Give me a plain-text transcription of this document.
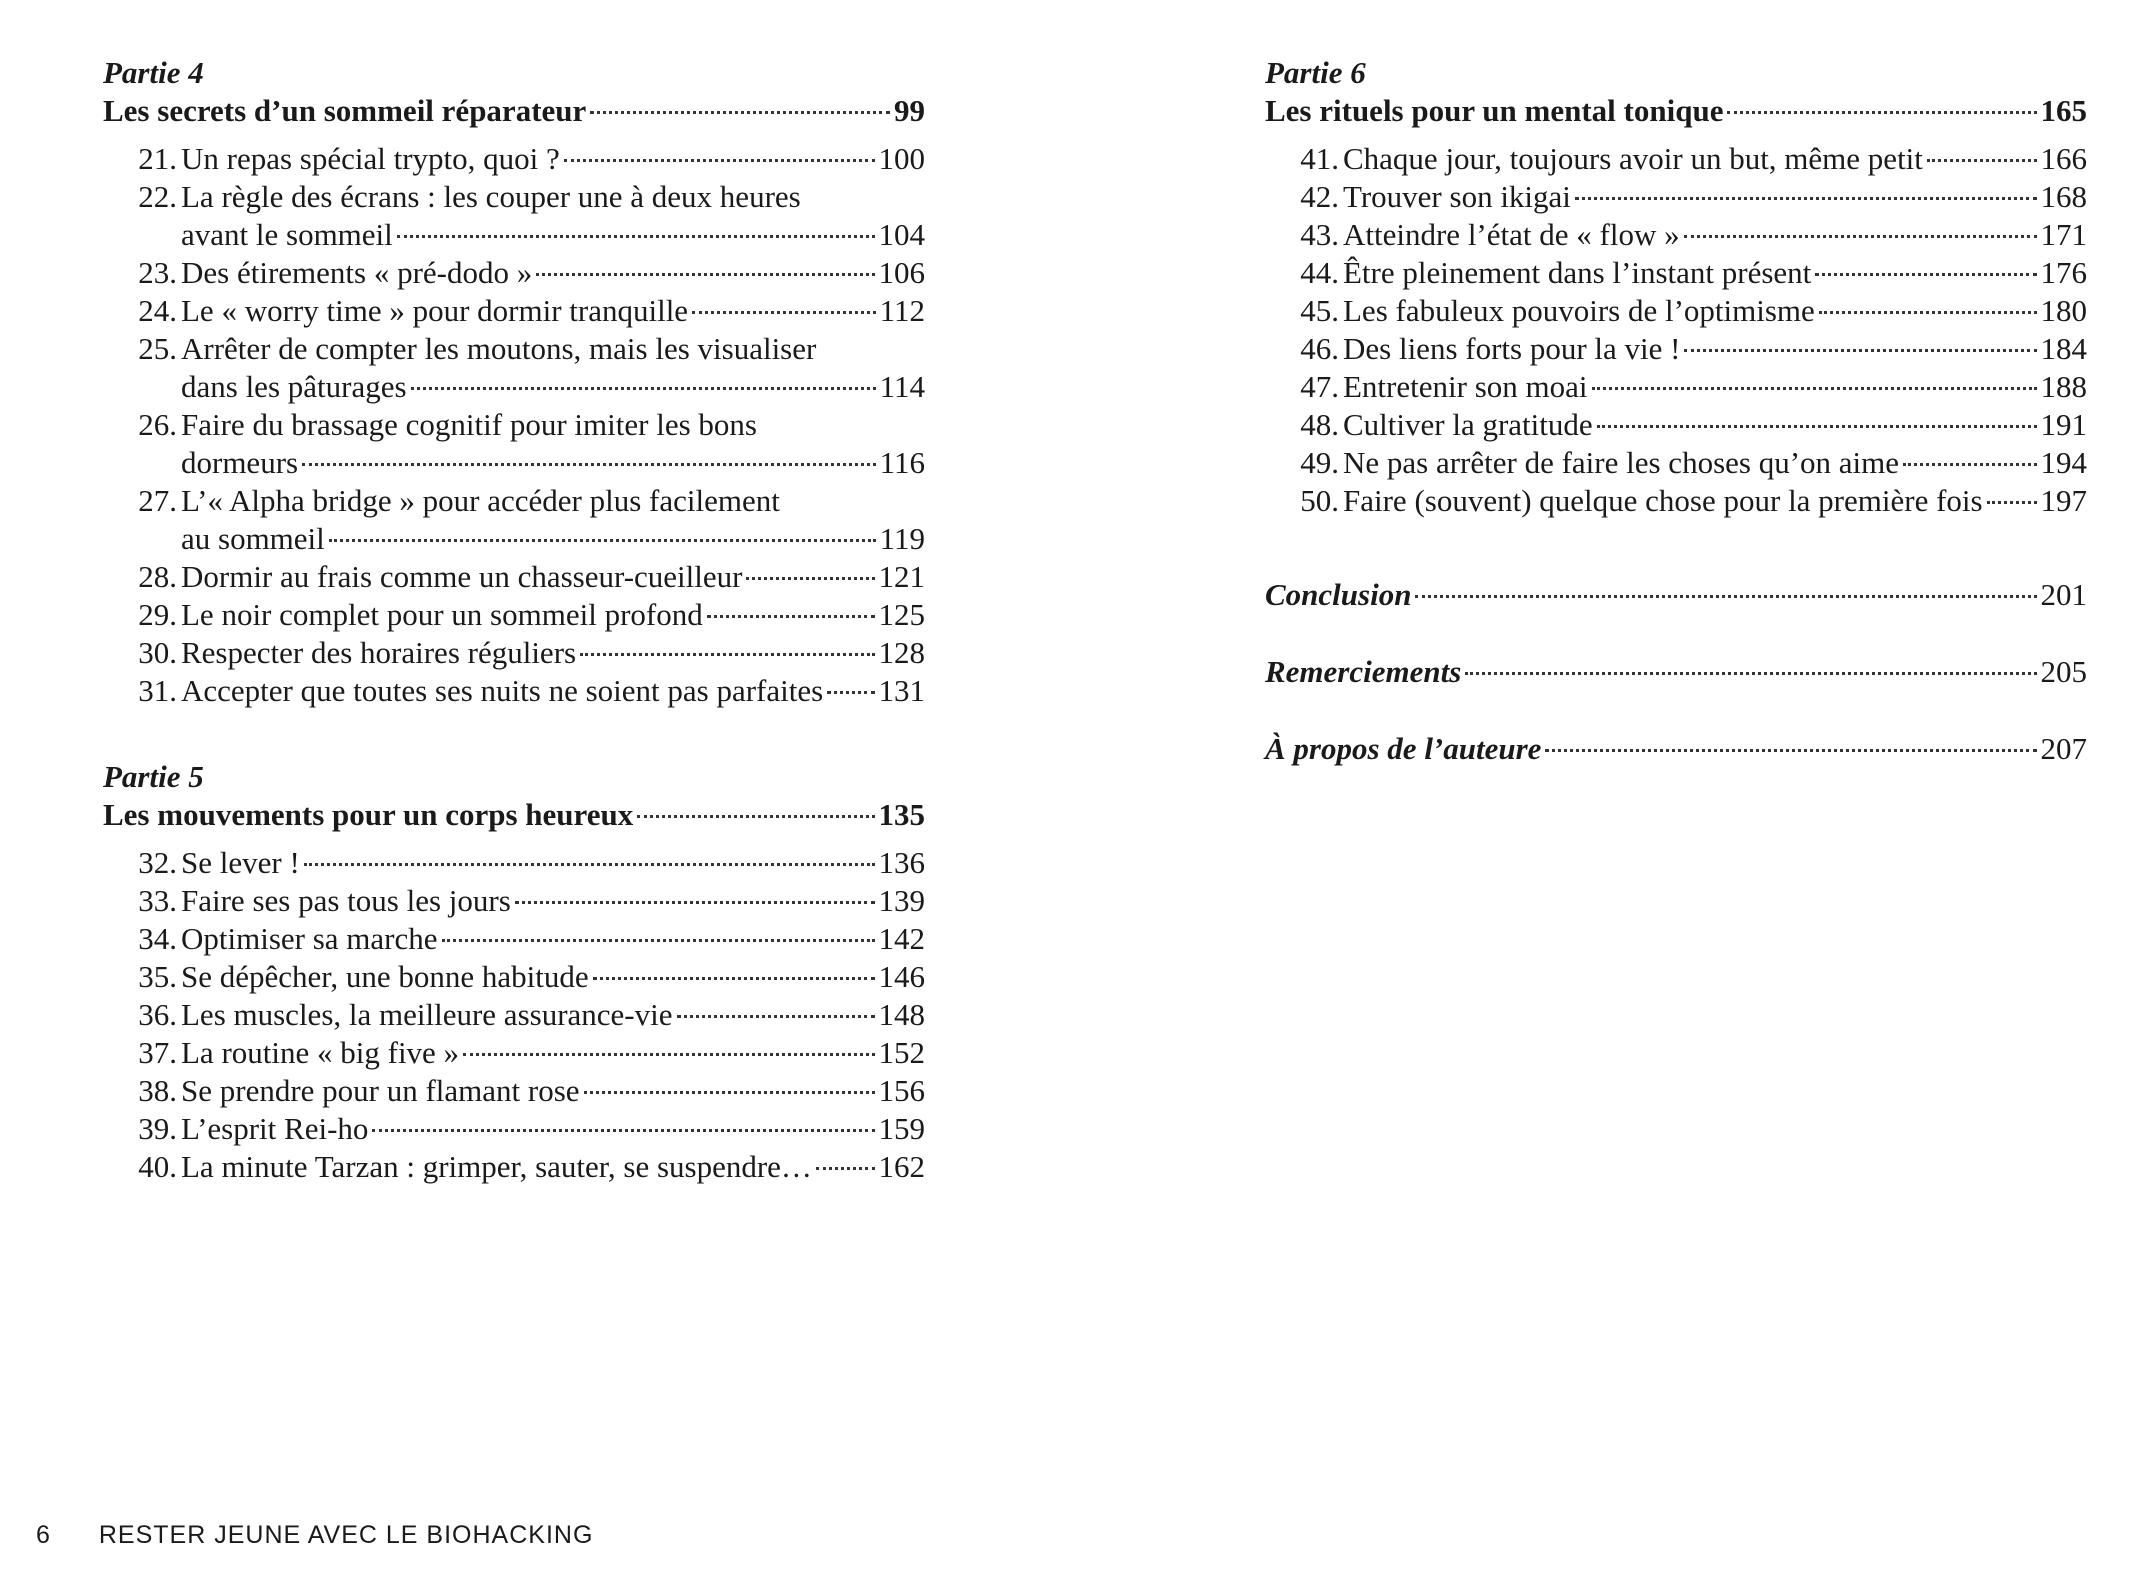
Partie 4
Les secrets d’un sommeil réparateur	99
21. Un repas spécial trypto, quoi ?	100
22. La règle des écrans : les couper une à deux heures
avant le sommeil	104
23. Des étirements « pré-dodo »	106
24. Le « worry time » pour dormir tranquille	112
25. Arrêter de compter les moutons, mais les visualiser
dans les pâturages	114
26. Faire du brassage cognitif pour imiter les bons
dormeurs	116
27. L’« Alpha bridge » pour accéder plus facilement
au sommeil	119
28. Dormir au frais comme un chasseur-cueilleur	121
29. Le noir complet pour un sommeil profond	125
30. Respecter des horaires réguliers	128
31. Accepter que toutes ses nuits ne soient pas parfaites 131
Partie 5
Les mouvements pour un corps heureux	135
32. Se lever !	136
33. Faire ses pas tous les jours	139
34. Optimiser sa marche	142
35. Se dépêcher, une bonne habitude	146
36. Les muscles, la meilleure assurance-vie	148
37. La routine « big five »	152
38. Se prendre pour un flamant rose	156
39. L’esprit Rei-ho	159
40. La minute Tarzan : grimper, sauter, se suspendre… 162
Partie 6
Les rituels pour un mental tonique	165
41. Chaque jour, toujours avoir un but, même petit	166
42. Trouver son ikigai	168
43. Atteindre l’état de « flow »	171
44. Être pleinement dans l’instant présent	176
45. Les fabuleux pouvoirs de l’optimisme	180
46. Des liens forts pour la vie !	184
47. Entretenir son moai	188
48. Cultiver la gratitude	191
49. Ne pas arrêter de faire les choses qu’on aime	194
50. Faire (souvent) quelque chose pour la première fois 197
Conclusion	201
Remerciements	205
À propos de l’auteure	207
6 RESTER JEUNE AVEC LE BIOHACKING
